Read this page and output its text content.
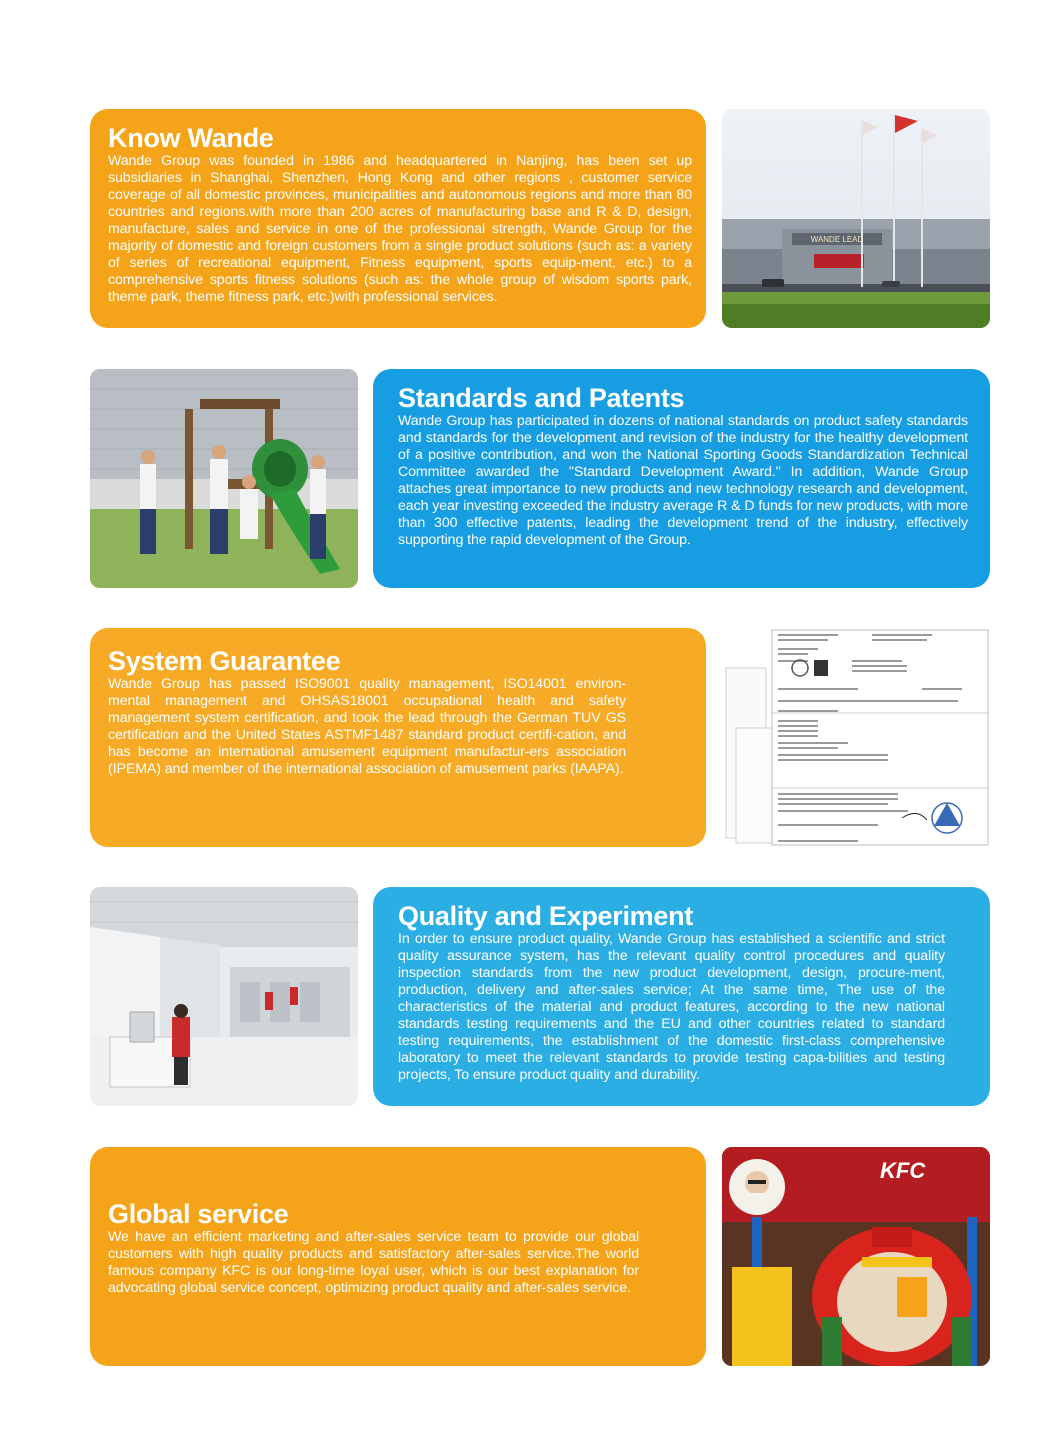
Know Wande

Wande Group was founded in 1986 and headquartered in Nanjing, has been set up subsidiaries in Shanghai, Shenzhen, Hong Kong and other regions , customer service coverage of all domestic provinces, municipalities and autonomous regions and more than 80 countries and regions.with more than 200 acres of manufacturing base and R & D, design, manufacture, sales and service in one of the professional strength, Wande Group for the majority of domestic and foreign customers from a single product solutions (such as: a variety of series of recreational equipment, Fitness equipment, sports equip-ment, etc.) to a comprehensive sports fitness solutions (such as: the whole group of wisdom sports park, theme park, theme fitness park, etc.)with professional services.

WANDE LEAD
Standards and Patents

Wande Group has participated in dozens of national standards on product safety standards and standards for the development and revision of the industry for the healthy development of a positive contribution, and won the National Sporting Goods Standardization Technical Committee awarded the "Standard Development Award." In addition, Wande Group attaches great importance to new products and new technology research and development, each year investing exceeded the industry average R & D funds for new products, with more than 300 effective patents, leading the development trend of the industry, effectively supporting the rapid development of the Group.

System Guarantee

Wande Group has passed ISO9001 quality management, ISO14001 environ-mental management and OHSAS18001 occupational health and safety management system certification, and took the lead through the German TUV GS certification and the United States ASTMF1487 standard product certifi-cation, and has become an international amusement equipment manufactur-ers association (IPEMA) and member of the international association of amusement parks (IAAPA).

Quality and Experiment

In order to ensure product quality, Wande Group has established a scientific and strict quality assurance system, has the relevant quality control procedures and quality inspection standards from the new product development, design, procure-ment, production, delivery and after-sales service; At the same time, The use of the characteristics of the material and product features, according to the new national standards testing requirements and the EU and other countries related to standard testing requirements, the establishment of the domestic first-class comprehensive laboratory to meet the relevant standards to provide testing capa-bilities and testing projects, To ensure product quality and durability.

Global service

We have an efficient marketing and after-sales service team to provide our global customers with high quality products and satisfactory after-sales service.The world famous company KFC is our long-time loyal user, which is our best explanation for advocating global service concept, optimizing product quality and after-sales service.

KFC
